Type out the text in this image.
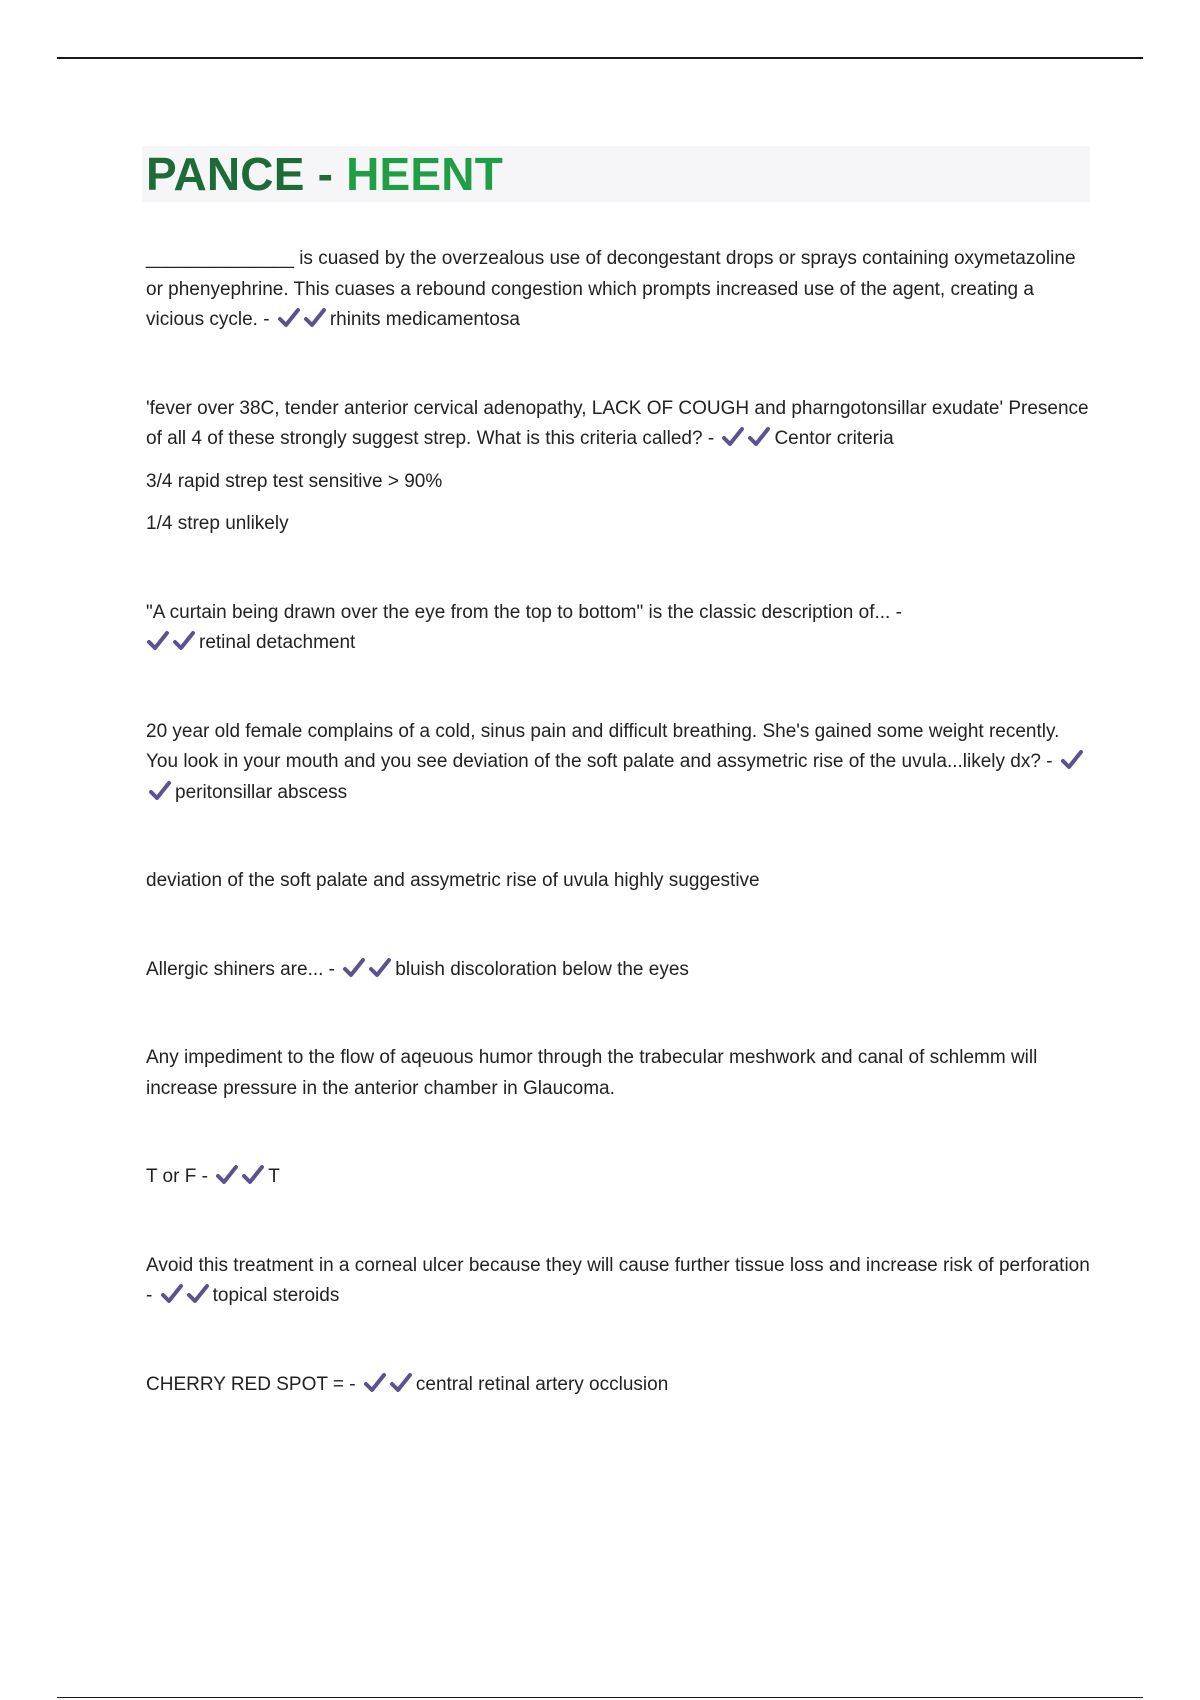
PANCE - HEENT

______________ is cuased by the overzealous use of decongestant drops or sprays containing oxymetazoline or phenyephrine. This cuases a rebound congestion which prompts increased use of the agent, creating a vicious cycle. -	rhinits medicamentosa

'fever over 38C, tender anterior cervical adenopathy, LACK OF COUGH and pharngotonsillar exudate' Presence of all 4 of these strongly suggest strep. What is this criteria called? -	Centor criteria

3/4 rapid strep test sensitive > 90%

1/4 strep unlikely

"A curtain being drawn over the eye from the top to bottom" is the classic description of... -

retinal detachment

20 year old female complains of a cold, sinus pain and difficult breathing. She's gained some weight recently. You look in your mouth and you see deviation of the soft palate and assymetric rise of the uvula...likely dx? -
peritonsillar abscess

deviation of the soft palate and assymetric rise of uvula highly suggestive

Allergic shiners are... -	bluish discoloration below the eyes

Any impediment to the flow of aqeuous humor through the trabecular meshwork and canal of schlemm will increase pressure in the anterior chamber in Glaucoma.

T or F -	T

Avoid this treatment in a corneal ulcer because they will cause further tissue loss and increase risk of perforation -	topical steroids

CHERRY RED SPOT = -	central retinal artery occlusion
